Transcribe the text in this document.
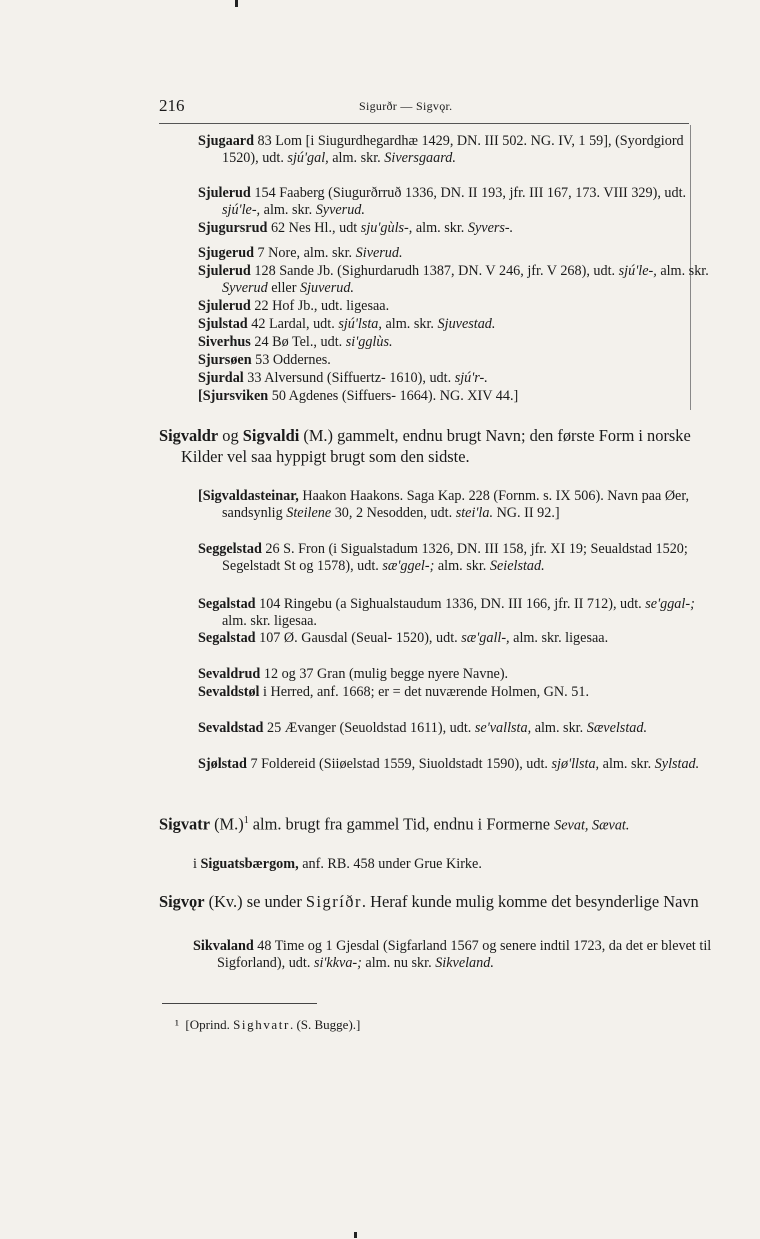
216	Sigurðr — Sigvǫr.
Sjugaard 83 Lom [i Siugurdhegardhæ 1429, DN. III 502. NG. IV, 1 59], (Syordgiord 1520), udt. sjú'gal, alm. skr. Siversgaard.
Sjulerud 154 Faaberg (Siugurðrruð 1336, DN. II 193, jfr. III 167, 173. VIII 329), udt. sjú'le-, alm. skr. Syverud.
Sjugursrud 62 Nes Hl., udt sju'gùls-, alm. skr. Syvers-.
Sjugerud 7 Nore, alm. skr. Siverud.
Sjulerud 128 Sande Jb. (Sighurdarudh 1387, DN. V 246, jfr. V 268), udt. sjú'le-, alm. skr. Syverud eller Sjuverud.
Sjulerud 22 Hof Jb., udt. ligesaa.
Sjulstad 42 Lardal, udt. sjú'lsta, alm. skr. Sjuvestad.
Siverhus 24 Bø Tel., udt. si'gglùs.
Sjursøen 53 Oddernes.
Sjurdal 33 Alversund (Siffuertz- 1610), udt. sjú'r-.
[Sjursviken 50 Agdenes (Siffuers- 1664). NG. XIV 44.]
Sigvaldr og Sigvaldi (M.) gammelt, endnu brugt Navn; den første Form i norske Kilder vel saa hyppigt brugt som den sidste.
[Sigvaldasteinar, Haakon Haakons. Saga Kap. 228 (Fornm. s. IX 506). Navn paa Øer, sandsynlig Steilene 30, 2 Nesodden, udt. stei'la. NG. II 92.]
Seggelstad 26 S. Fron (i Sigualstadum 1326, DN. III 158, jfr. XI 19; Seualdstad 1520; Segelstadt St og 1578), udt. sæ'ggel-; alm. skr. Seielstad.
Segalstad 104 Ringebu (a Sighualstaudum 1336, DN. III 166, jfr. II 712), udt. se'ggal-; alm. skr. ligesaa.
Segalstad 107 Ø. Gausdal (Seual- 1520), udt. sæ'gall-, alm. skr. ligesaa.
Sevaldrud 12 og 37 Gran (mulig begge nyere Navne).
Sevaldstøl i Herred, anf. 1668; er = det nuværende Holmen, GN. 51.
Sevaldstad 25 Ævanger (Seuoldstad 1611), udt. se'vallsta, alm. skr. Sævelstad.
Sjølstad 7 Foldereid (Siiøelstad 1559, Siuoldstadt 1590), udt. sjø'llsta, alm. skr. Sylstad.
Sigvatr $(M.)^1$ alm. brugt fra gammel Tid, endnu i Formerne Sevat, Sævat.
i Siguatsbærgom, anf. RB. 458 under Grue Kirke.
Sigvǫr (Kv.) se under Sigríðr. Heraf kunde mulig komme det besynderlige Navn
Sikvaland 48 Time og 1 Gjesdal (Sigfarland 1567 og senere indtil 1723, da det er blevet til Sigforland), udt. si'kkva-; alm. nu skr. Sikveland.
¹ [Oprind. Sighvatr. (S. Bugge).]
